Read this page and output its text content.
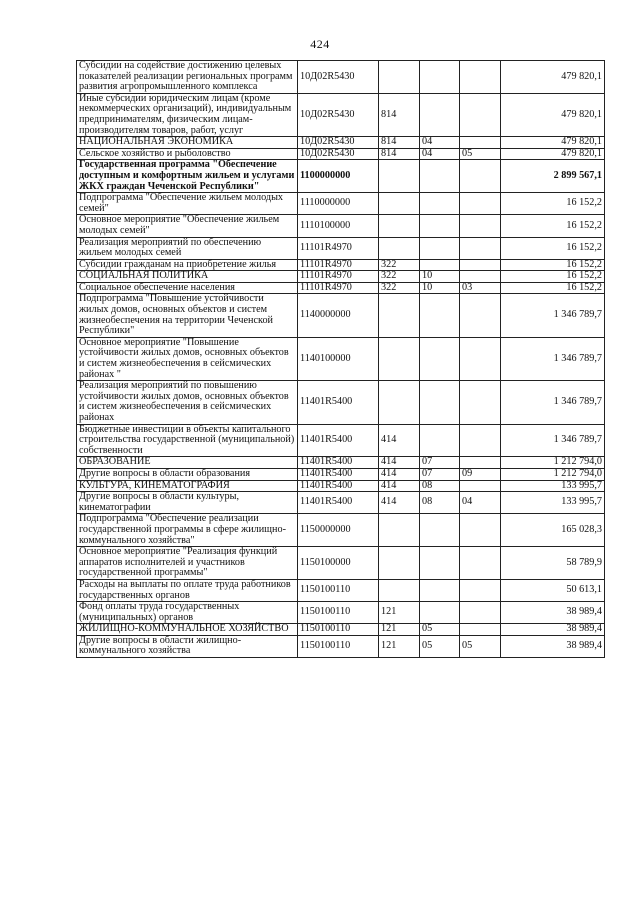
424
Субсидии на содействие достижению целевых показателей реализации региональных программ развития агропромышленного комплекса	10Д02R5430				479 820,1
Иные субсидии юридическим лицам (кроме некоммерческих организаций), индивидуальным предпринимателям, физическим лицам-производителям товаров, работ, услуг	10Д02R5430	814			479 820,1
НАЦИОНАЛЬНАЯ ЭКОНОМИКА	10Д02R5430	814	04		479 820,1
Сельское хозяйство и рыболовство	10Д02R5430	814	04	05	479 820,1
Государственная программа "Обеспечение доступным и комфортным жильем и услугами ЖКХ граждан Чеченской Республики"	1100000000				2 899 567,1
Подпрограмма "Обеспечение жильем молодых семей"	1110000000				16 152,2
Основное мероприятие "Обеспечение жильем молодых семей"	1110100000				16 152,2
Реализация мероприятий по обеспечению жильем молодых семей	11101R4970				16 152,2
Субсидии гражданам на приобретение жилья	11101R4970	322			16 152,2
СОЦИАЛЬНАЯ ПОЛИТИКА	11101R4970	322	10		16 152,2
Социальное обеспечение населения	11101R4970	322	10	03	16 152,2
Подпрограмма "Повышение устойчивости жилых домов, основных объектов и систем жизнеобеспечения на территории Чеченской Республики"	1140000000				1 346 789,7
Основное мероприятие "Повышение устойчивости жилых домов, основных объектов и систем жизнеобеспечения в сейсмических районах "	1140100000				1 346 789,7
Реализация мероприятий по повышению устойчивости жилых домов, основных объектов и систем жизнеобеспечения в сейсмических районах	11401R5400				1 346 789,7
Бюджетные инвестиции в объекты капитального строительства государственной (муниципальной) собственности	11401R5400	414			1 346 789,7
ОБРАЗОВАНИЕ	11401R5400	414	07		1 212 794,0
Другие вопросы в области образования	11401R5400	414	07	09	1 212 794,0
КУЛЬТУРА, КИНЕМАТОГРАФИЯ	11401R5400	414	08		133 995,7
Другие вопросы в области культуры, кинематографии	11401R5400	414	08	04	133 995,7
Подпрограмма "Обеспечение реализации государственной программы в сфере жилищно-коммунального хозяйства"	1150000000				165 028,3
Основное мероприятие "Реализация функций аппаратов исполнителей и участников государственной программы"	1150100000				58 789,9
Расходы на выплаты по оплате труда работников государственных органов	1150100110				50 613,1
Фонд оплаты труда государственных (муниципальных) органов	1150100110	121			38 989,4
ЖИЛИЩНО-КОММУНАЛЬНОЕ ХОЗЯЙСТВО	1150100110	121	05		38 989,4
Другие вопросы в области жилищно-коммунального хозяйства	1150100110	121	05	05	38 989,4
